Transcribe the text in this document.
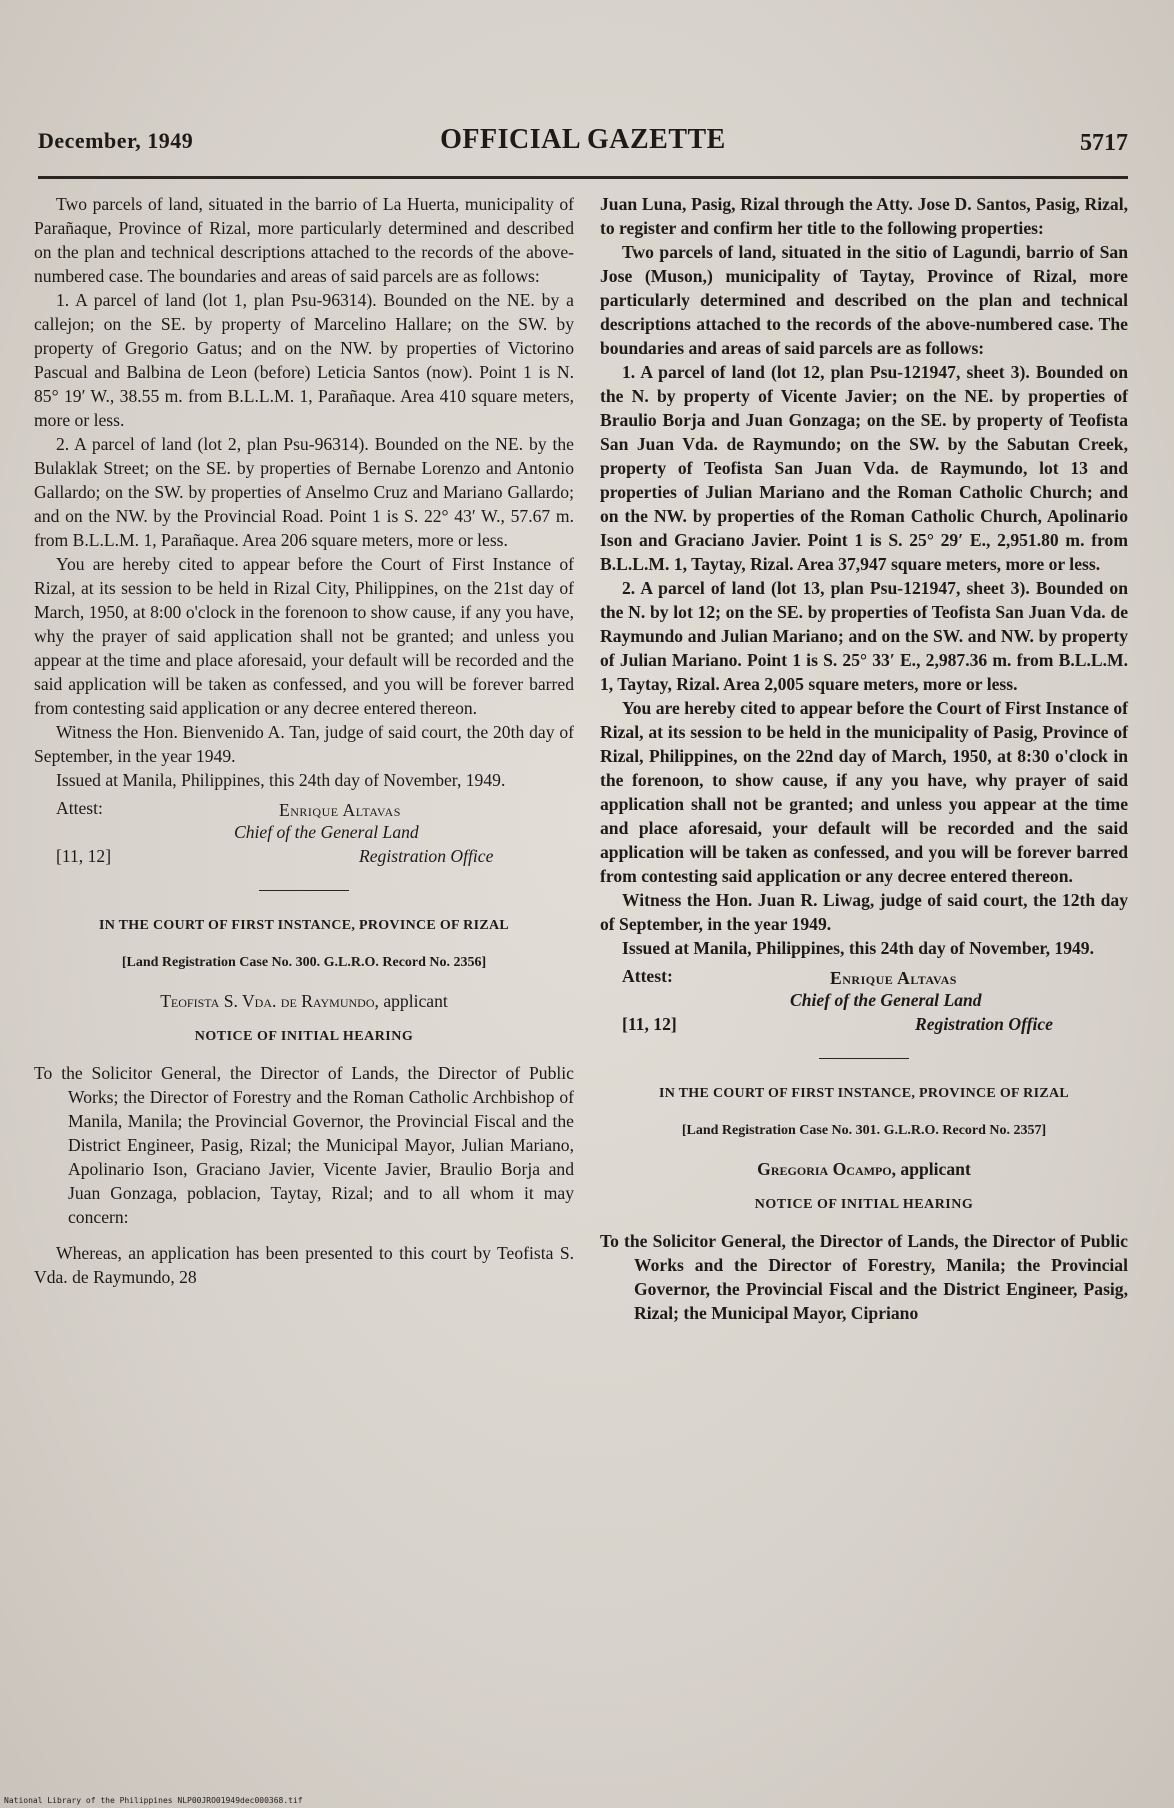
December, 1949	OFFICIAL GAZETTE	5717

Two parcels of land, situated in the barrio of La Huerta, municipality of Parañaque, Province of Rizal, more particularly determined and described on the plan and technical descriptions attached to the records of the above-numbered case. The boundaries and areas of said parcels are as follows:

1. A parcel of land (lot 1, plan Psu-96314). Bounded on the NE. by a callejon; on the SE. by property of Marcelino Hallare; on the SW. by property of Gregorio Gatus; and on the NW. by properties of Victorino Pascual and Balbina de Leon (before) Leticia Santos (now). Point 1 is N. 85° 19′ W., 38.55 m. from B.L.L.M. 1, Parañaque. Area 410 square meters, more or less.

2. A parcel of land (lot 2, plan Psu-96314). Bounded on the NE. by the Bulaklak Street; on the SE. by properties of Bernabe Lorenzo and Antonio Gallardo; on the SW. by properties of Anselmo Cruz and Mariano Gallardo; and on the NW. by the Provincial Road. Point 1 is S. 22° 43′ W., 57.67 m. from B.L.L.M. 1, Parañaque. Area 206 square meters, more or less.

You are hereby cited to appear before the Court of First Instance of Rizal, at its session to be held in Rizal City, Philippines, on the 21st day of March, 1950, at 8:00 o'clock in the forenoon to show cause, if any you have, why the prayer of said application shall not be granted; and unless you appear at the time and place aforesaid, your default will be recorded and the said application will be taken as confessed, and you will be forever barred from contesting said application or any decree entered thereon.

Witness the Hon. Bienvenido A. Tan, judge of said court, the 20th day of September, in the year 1949.

Issued at Manila, Philippines, this 24th day of November, 1949.

Attest:	Enrique Altavas
Chief of the General Land
[11, 12]	Registration Office
IN THE COURT OF FIRST INSTANCE, PROVINCE OF RIZAL
[Land Registration Case No. 300. G.L.R.O. Record No. 2356]
Teofista S. Vda. de Raymundo, applicant
NOTICE OF INITIAL HEARING

To the Solicitor General, the Director of Lands, the Director of Public Works; the Director of Forestry and the Roman Catholic Archbishop of Manila, Manila; the Provincial Governor, the Provincial Fiscal and the District Engineer, Pasig, Rizal; the Municipal Mayor, Julian Mariano, Apolinario Ison, Graciano Javier, Vicente Javier, Braulio Borja and Juan Gonzaga, poblacion, Taytay, Rizal; and to all whom it may concern:

Whereas, an application has been presented to this court by Teofista S. Vda. de Raymundo, 28

Juan Luna, Pasig, Rizal through the Atty. Jose D. Santos, Pasig, Rizal, to register and confirm her title to the following properties:

Two parcels of land, situated in the sitio of Lagundi, barrio of San Jose (Muson,) municipality of Taytay, Province of Rizal, more particularly determined and described on the plan and technical descriptions attached to the records of the above-numbered case. The boundaries and areas of said parcels are as follows:

1. A parcel of land (lot 12, plan Psu-121947, sheet 3). Bounded on the N. by property of Vicente Javier; on the NE. by properties of Braulio Borja and Juan Gonzaga; on the SE. by property of Teofista San Juan Vda. de Raymundo; on the SW. by the Sabutan Creek, property of Teofista San Juan Vda. de Raymundo, lot 13 and properties of Julian Mariano and the Roman Catholic Church; and on the NW. by properties of the Roman Catholic Church, Apolinario Ison and Graciano Javier. Point 1 is S. 25° 29′ E., 2,951.80 m. from B.L.L.M. 1, Taytay, Rizal. Area 37,947 square meters, more or less.

2. A parcel of land (lot 13, plan Psu-121947, sheet 3). Bounded on the N. by lot 12; on the SE. by properties of Teofista San Juan Vda. de Raymundo and Julian Mariano; and on the SW. and NW. by property of Julian Mariano. Point 1 is S. 25° 33′ E., 2,987.36 m. from B.L.L.M. 1, Taytay, Rizal. Area 2,005 square meters, more or less.

You are hereby cited to appear before the Court of First Instance of Rizal, at its session to be held in the municipality of Pasig, Province of Rizal, Philippines, on the 22nd day of March, 1950, at 8:30 o'clock in the forenoon, to show cause, if any you have, why prayer of said application shall not be granted; and unless you appear at the time and place aforesaid, your default will be recorded and the said application will be taken as confessed, and you will be forever barred from contesting said application or any decree entered thereon.

Witness the Hon. Juan R. Liwag, judge of said court, the 12th day of September, in the year 1949.

Issued at Manila, Philippines, this 24th day of November, 1949.

Attest:	Enrique Altavas
Chief of the General Land
[11, 12]	Registration Office
IN THE COURT OF FIRST INSTANCE, PROVINCE OF RIZAL
[Land Registration Case No. 301. G.L.R.O. Record No. 2357]
Gregoria Ocampo, applicant
NOTICE OF INITIAL HEARING

To the Solicitor General, the Director of Lands, the Director of Public Works and the Director of Forestry, Manila; the Provincial Governor, the Provincial Fiscal and the District Engineer, Pasig, Rizal; the Municipal Mayor, Cipriano

National Library of the Philippines NLP00JRO01949dec000368.tif
